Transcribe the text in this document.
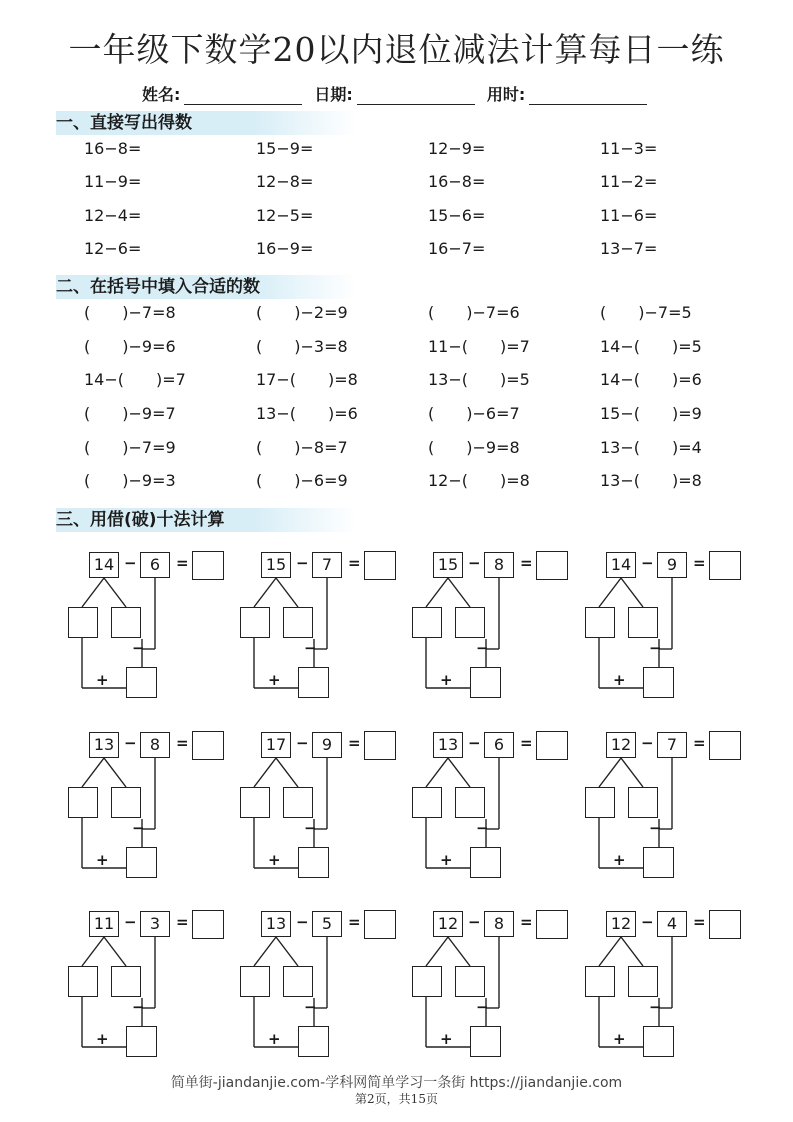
一年级下数学20以内退位减法计算每日一练
姓名:	日期:	用时:
一、直接写出得数
16−8=	15−9=	12−9=	11−3=
11−9=	12−8=	16−8=	11−2=
12−4=	12−5=	15−6=	11−6=
12−6=	16−9=	16−7=	13−7=
二、在括号中填入合适的数
(　　)−7=8	(　　)−2=9	(　　)−7=6	(　　)−7=5
(　　)−9=6	(　　)−3=8	11−(　　)=7	14−(　　)=5
14−(　　)=7	17−(　　)=8	13−(　　)=5	14−(　　)=6
(　　)−9=7	13−(　　)=6	(　　)−6=7	15−(　　)=9
(　　)−7=9	(　　)−8=7	(　　)−9=8	13−(　　)=4
(　　)−9=3	(　　)−6=9	12−(　　)=8	13−(　　)=8
三、用借(破)十法计算
14 − 6	=
−
+
15 − 7	=
−
+
15 − 8	=
−
+
14 − 9	=
−
+
13 − 8	=
−
+
17 − 9	=
−
+
13 − 6	=
−
+
12 − 7	=
−
+
11 − 3	=
−
+
13 − 5	=
−
+
12 − 8	=
−
+
12 − 4	=
−
+
简单街-jiandanjie.com-学科网简单学习一条街 https://jiandanjie.com
第2页，共15页
